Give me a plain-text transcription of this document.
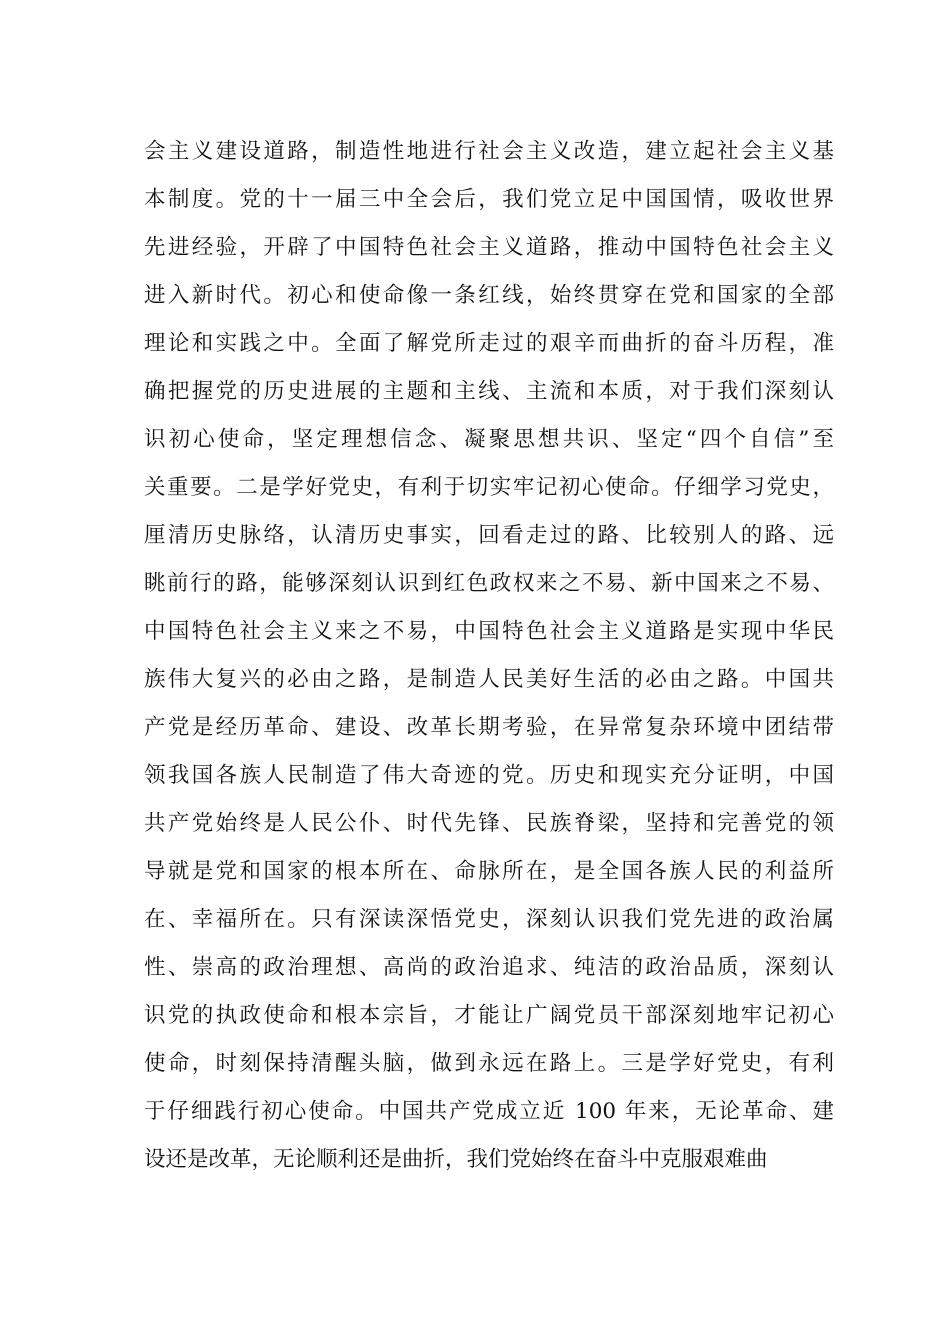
会主义建设道路，制造性地进行社会主义改造，建立起社会主义基
本制度。党的十一届三中全会后，我们党立足中国国情，吸收世界
先进经验，开辟了中国特色社会主义道路，推动中国特色社会主义
进入新时代。初心和使命像一条红线，始终贯穿在党和国家的全部
理论和实践之中。全面了解党所走过的艰辛而曲折的奋斗历程，准
确把握党的历史进展的主题和主线、主流和本质，对于我们深刻认
识初心使命，坚定理想信念、凝聚思想共识、坚定“四个自信”至
关重要。二是学好党史，有利于切实牢记初心使命。仔细学习党史，
厘清历史脉络，认清历史事实，回看走过的路、比较别人的路、远
眺前行的路，能够深刻认识到红色政权来之不易、新中国来之不易、
中国特色社会主义来之不易，中国特色社会主义道路是实现中华民
族伟大复兴的必由之路，是制造人民美好生活的必由之路。中国共
产党是经历革命、建设、改革长期考验，在异常复杂环境中团结带
领我国各族人民制造了伟大奇迹的党。历史和现实充分证明，中国
共产党始终是人民公仆、时代先锋、民族脊梁，坚持和完善党的领
导就是党和国家的根本所在、命脉所在，是全国各族人民的利益所
在、幸福所在。只有深读深悟党史，深刻认识我们党先进的政治属
性、崇高的政治理想、高尚的政治追求、纯洁的政治品质，深刻认
识党的执政使命和根本宗旨，才能让广阔党员干部深刻地牢记初心
使命，时刻保持清醒头脑，做到永远在路上。三是学好党史，有利
于仔细践行初心使命。中国共产党成立近 100 年来，无论革命、建
设还是改革，无论顺利还是曲折，我们党始终在奋斗中克服艰难曲
